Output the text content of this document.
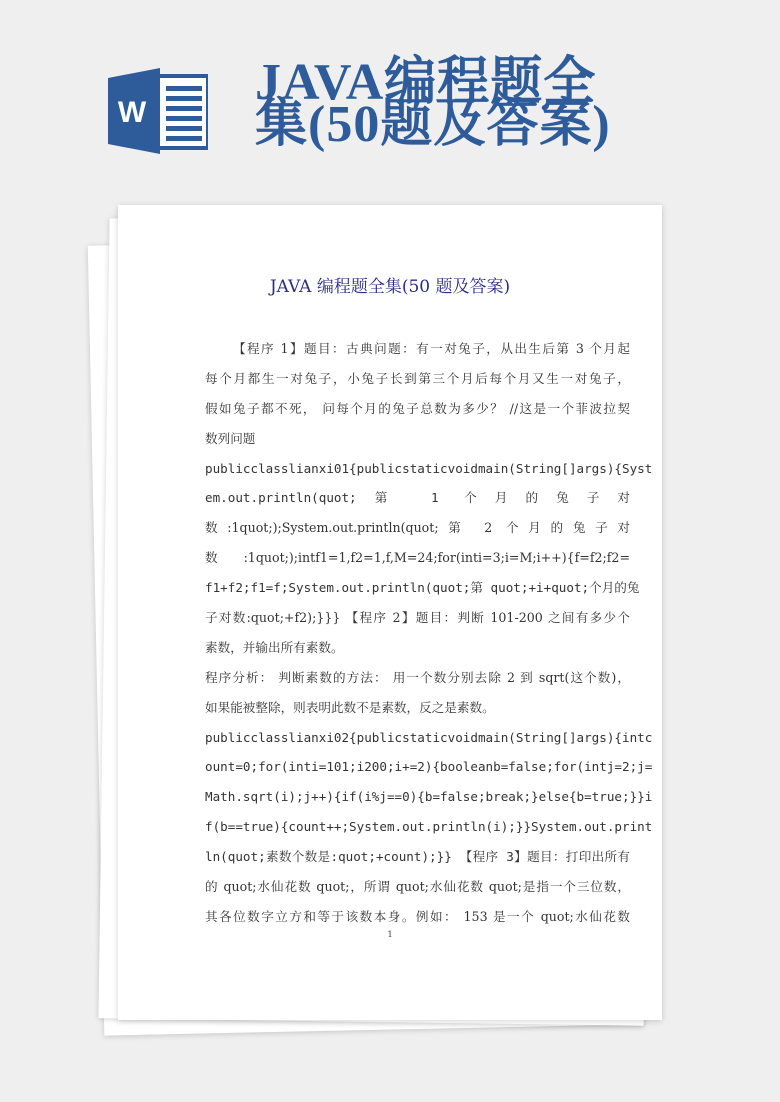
W
JAVA编程题全
集(50题及答案)
JAVA 编程题全集(50 题及答案)
【程序 1】题目：古典问题：有一对兔子，从出生后第 3 个月起
每个月都生一对兔子，小兔子长到第三个月后每个月又生一对兔子，
假如兔子都不死， 问每个月的兔子总数为多少？ //这是一个菲波拉契
数列问题
publicclasslianxi01{publicstaticvoidmain(String[]args){Syst
em.out.println(quot;第 1 个月的兔子对
数:1quot;);System.out.println(quot;第 2 个月的兔子对
数:1quot;);intf1=1,f2=1,f,M=24;for(inti=3;i=M;i++){f=f2;f2=
f1+f2;f1=f;System.out.println(quot;第 quot;+i+quot;个月的兔
子对数:quot;+f2);}}} 【程序 2】题目：判断 101-200 之间有多少个
素数，并输出所有素数。
程序分析： 判断素数的方法： 用一个数分别去除 2 到 sqrt(这个数)，
如果能被整除，则表明此数不是素数，反之是素数。
publicclasslianxi02{publicstaticvoidmain(String[]args){intc
ount=0;for(inti=101;i200;i+=2){booleanb=false;for(intj=2;j=
Math.sqrt(i);j++){if(i%j==0){b=false;break;}else{b=true;}}i
f(b==true){count++;System.out.println(i);}}System.out.print
ln(quot;素数个数是:quot;+count);}} 【程序 3】题目：打印出所有
的 quot;水仙花数 quot;，所谓 quot;水仙花数 quot;是指一个三位数，
其各位数字立方和等于该数本身。例如： 153 是一个 quot;水仙花数
1
